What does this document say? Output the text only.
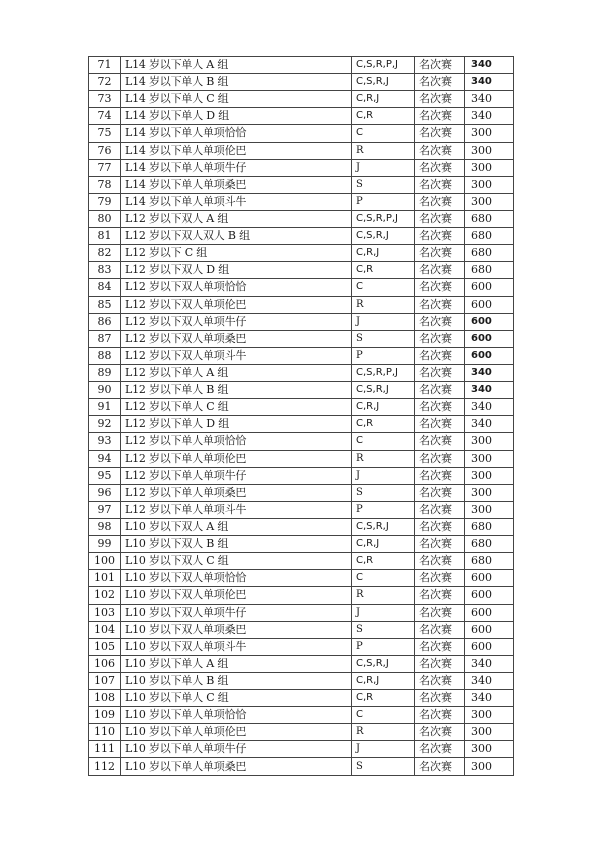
71	L14 岁以下单人 A 组	C,S,R,P,J	名次赛	340
72	L14 岁以下单人 B 组	C,S,R,J	名次赛	340
73	L14 岁以下单人 C 组	C,R,J	名次赛	340
74	L14 岁以下单人 D 组	C,R	名次赛	340
75	L14 岁以下单人单项恰恰	C	名次赛	300
76	L14 岁以下单人单项伦巴	R	名次赛	300
77	L14 岁以下单人单项牛仔	J	名次赛	300
78	L14 岁以下单人单项桑巴	S	名次赛	300
79	L14 岁以下单人单项斗牛	P	名次赛	300
80	L12 岁以下双人 A 组	C,S,R,P,J	名次赛	680
81	L12 岁以下双人双人 B 组	C,S,R,J	名次赛	680
82	L12 岁以下 C 组	C,R,J	名次赛	680
83	L12 岁以下双人 D 组	C,R	名次赛	680
84	L12 岁以下双人单项恰恰	C	名次赛	600
85	L12 岁以下双人单项伦巴	R	名次赛	600
86	L12 岁以下双人单项牛仔	J	名次赛	600
87	L12 岁以下双人单项桑巴	S	名次赛	600
88	L12 岁以下双人单项斗牛	P	名次赛	600
89	L12 岁以下单人 A 组	C,S,R,P,J	名次赛	340
90	L12 岁以下单人 B 组	C,S,R,J	名次赛	340
91	L12 岁以下单人 C 组	C,R,J	名次赛	340
92	L12 岁以下单人 D 组	C,R	名次赛	340
93	L12 岁以下单人单项恰恰	C	名次赛	300
94	L12 岁以下单人单项伦巴	R	名次赛	300
95	L12 岁以下单人单项牛仔	J	名次赛	300
96	L12 岁以下单人单项桑巴	S	名次赛	300
97	L12 岁以下单人单项斗牛	P	名次赛	300
98	L10 岁以下双人 A 组	C,S,R,J	名次赛	680
99	L10 岁以下双人 B 组	C,R,J	名次赛	680
100	L10 岁以下双人 C 组	C,R	名次赛	680
101	L10 岁以下双人单项恰恰	C	名次赛	600
102	L10 岁以下双人单项伦巴	R	名次赛	600
103	L10 岁以下双人单项牛仔	J	名次赛	600
104	L10 岁以下双人单项桑巴	S	名次赛	600
105	L10 岁以下双人单项斗牛	P	名次赛	600
106	L10 岁以下单人 A 组	C,S,R,J	名次赛	340
107	L10 岁以下单人 B 组	C,R,J	名次赛	340
108	L10 岁以下单人 C 组	C,R	名次赛	340
109	L10 岁以下单人单项恰恰	C	名次赛	300
110	L10 岁以下单人单项伦巴	R	名次赛	300
111	L10 岁以下单人单项牛仔	J	名次赛	300
112	L10 岁以下单人单项桑巴	S	名次赛	300
